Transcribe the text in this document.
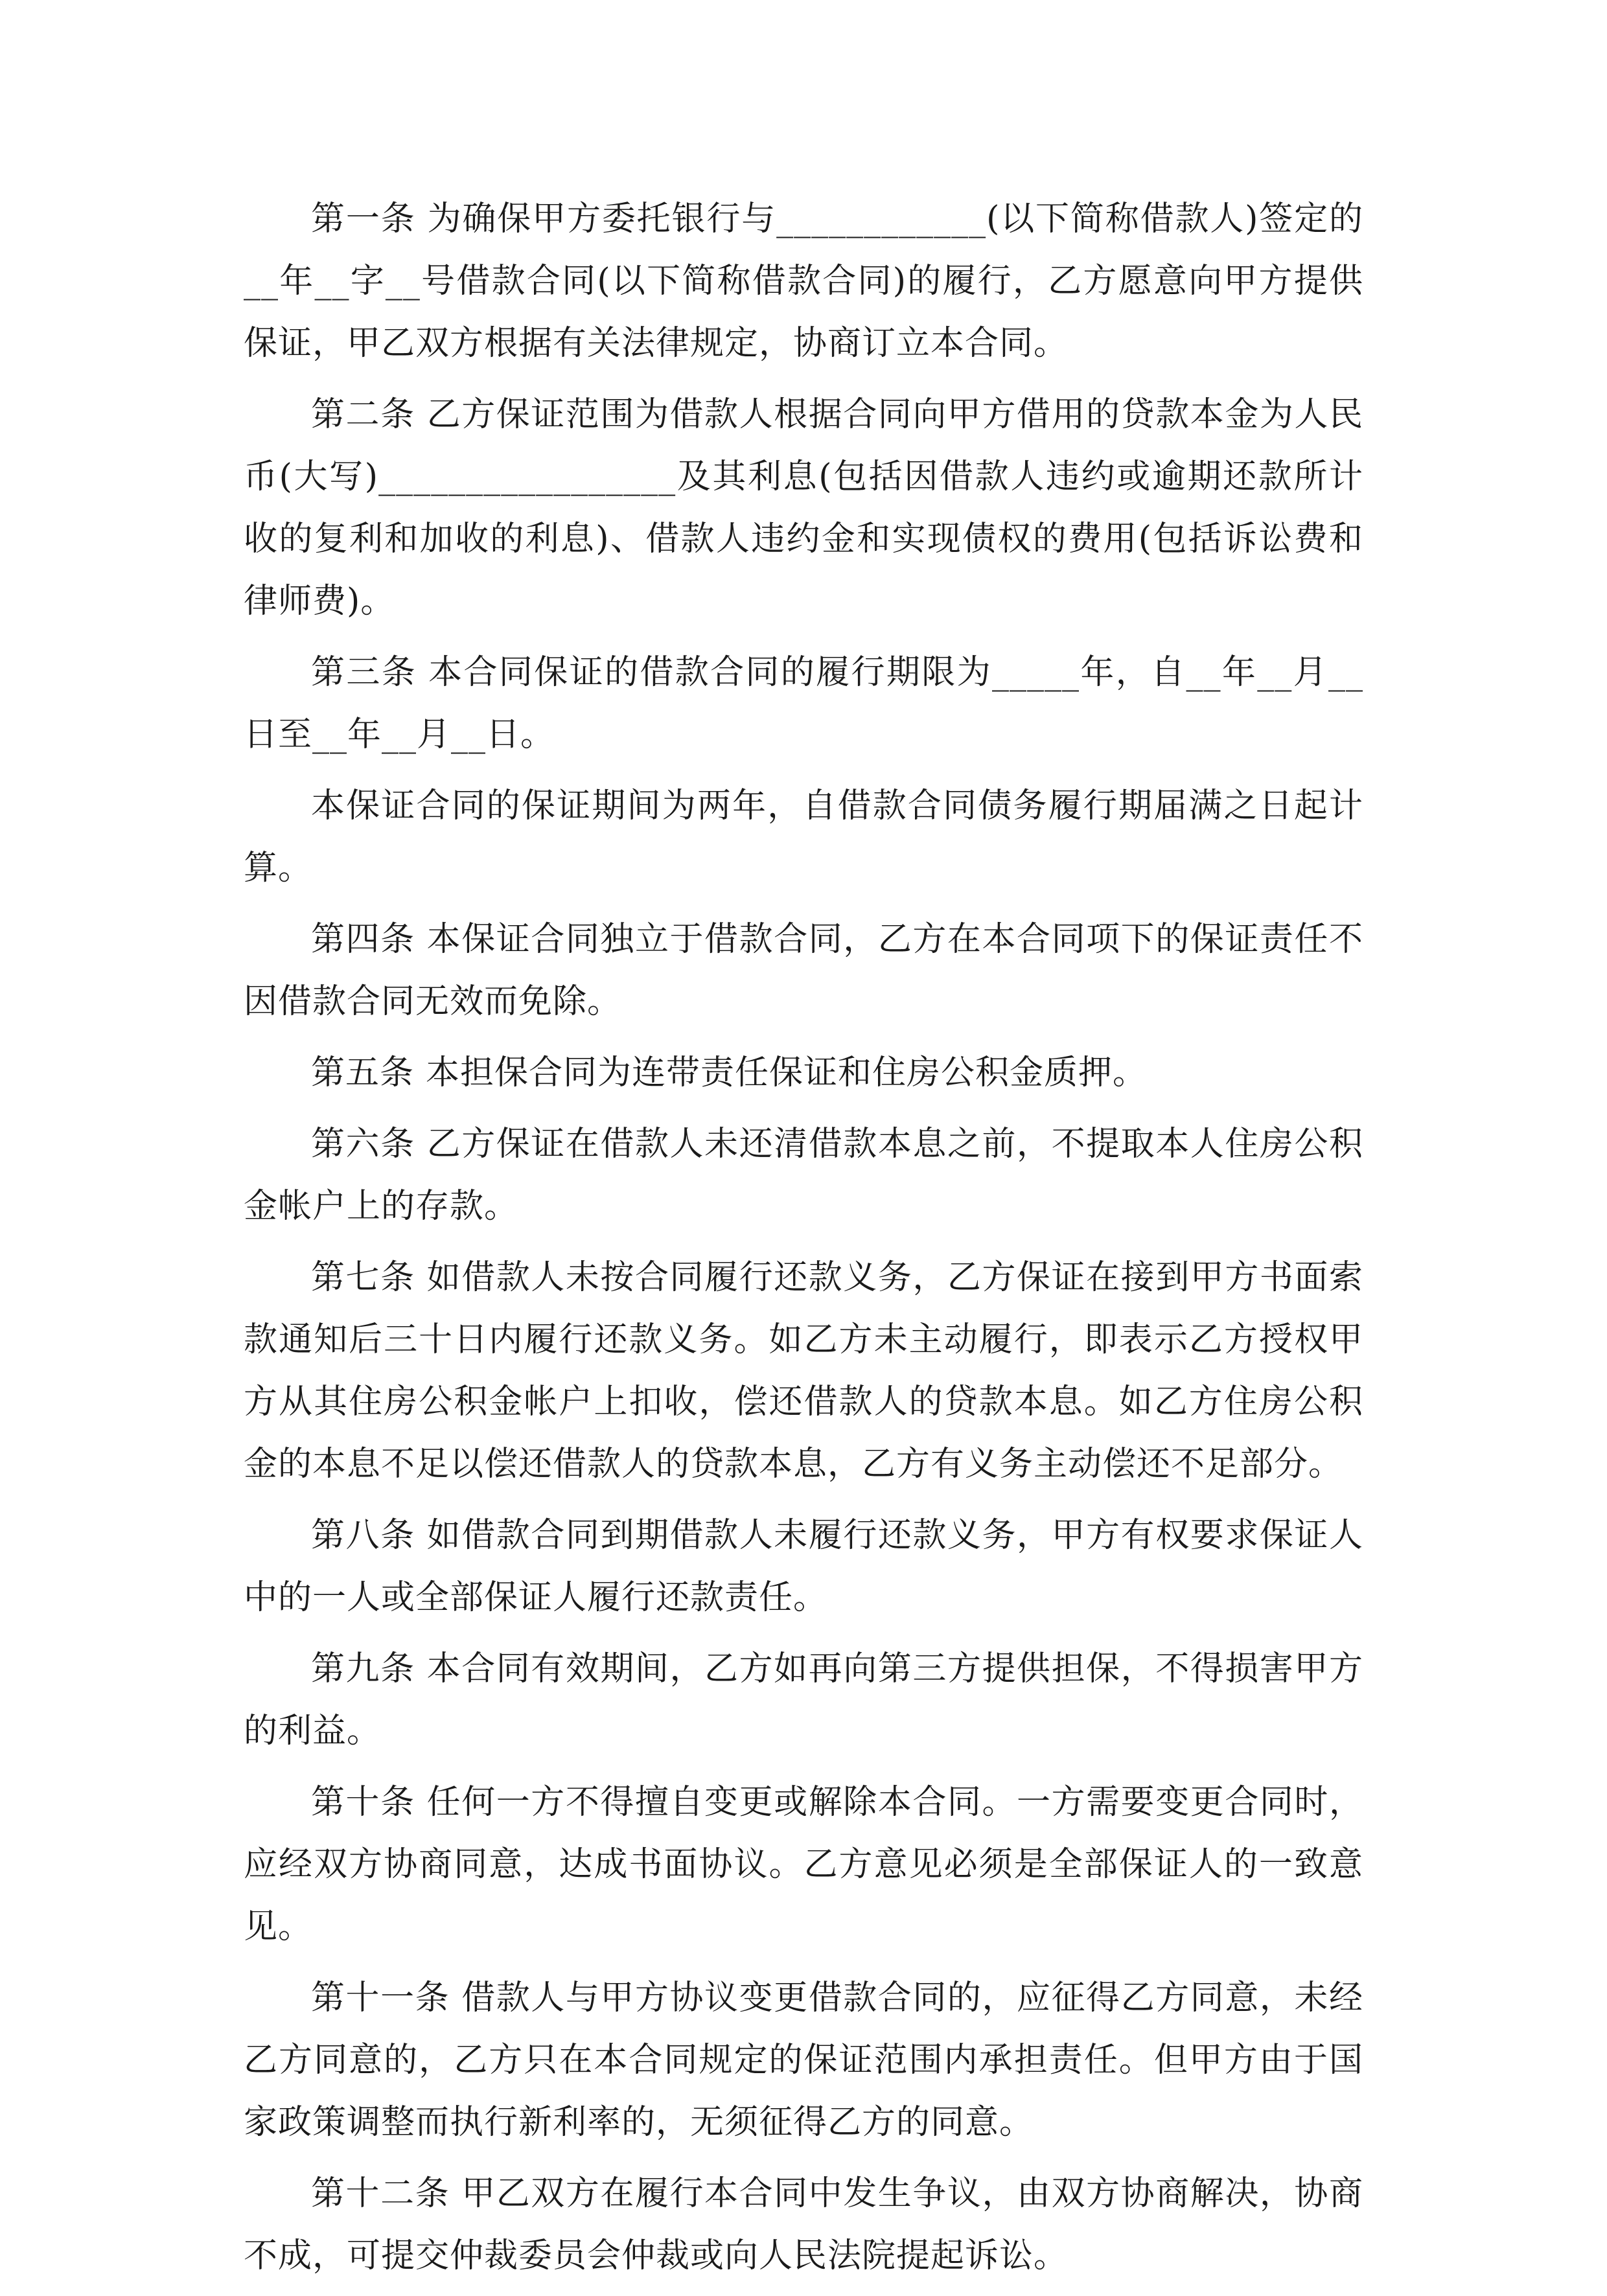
第一条 为确保甲方委托银行与____________(以下简称借款人)签定的__年__字__号借款合同(以下简称借款合同)的履行，乙方愿意向甲方提供保证，甲乙双方根据有关法律规定，协商订立本合同。

第二条 乙方保证范围为借款人根据合同向甲方借用的贷款本金为人民币(大写)_________________及其利息(包括因借款人违约或逾期还款所计收的复利和加收的利息)、借款人违约金和实现债权的费用(包括诉讼费和律师费)。

第三条 本合同保证的借款合同的履行期限为_____年，自__年__月__日至__年__月__日。

本保证合同的保证期间为两年，自借款合同债务履行期届满之日起计算。

第四条 本保证合同独立于借款合同，乙方在本合同项下的保证责任不因借款合同无效而免除。

第五条 本担保合同为连带责任保证和住房公积金质押。

第六条 乙方保证在借款人未还清借款本息之前，不提取本人住房公积金帐户上的存款。

第七条 如借款人未按合同履行还款义务，乙方保证在接到甲方书面索款通知后三十日内履行还款义务。如乙方未主动履行，即表示乙方授权甲方从其住房公积金帐户上扣收，偿还借款人的贷款本息。如乙方住房公积金的本息不足以偿还借款人的贷款本息，乙方有义务主动偿还不足部分。

第八条 如借款合同到期借款人未履行还款义务，甲方有权要求保证人中的一人或全部保证人履行还款责任。

第九条 本合同有效期间，乙方如再向第三方提供担保，不得损害甲方的利益。

第十条 任何一方不得擅自变更或解除本合同。一方需要变更合同时，应经双方协商同意，达成书面协议。乙方意见必须是全部保证人的一致意见。

第十一条 借款人与甲方协议变更借款合同的，应征得乙方同意，未经乙方同意的，乙方只在本合同规定的保证范围内承担责任。但甲方由于国家政策调整而执行新利率的，无须征得乙方的同意。

第十二条 甲乙双方在履行本合同中发生争议，由双方协商解决，协商不成，可提交仲裁委员会仲裁或向人民法院提起诉讼。
